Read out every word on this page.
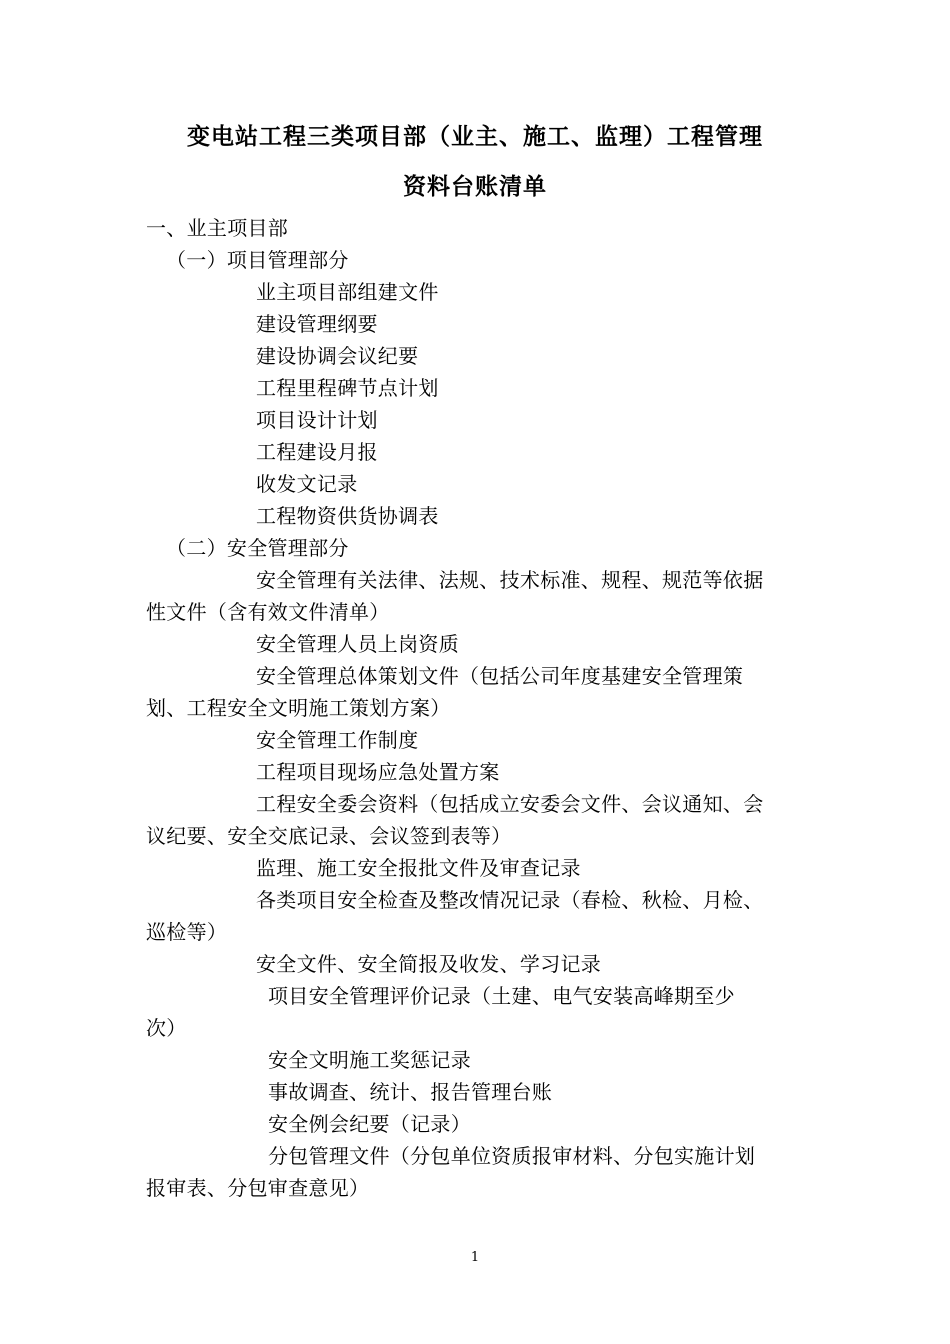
变电站工程三类项目部（业主、施工、监理）工程管理
资料台账清单
一、业主项目部
（一）项目管理部分
业主项目部组建文件
建设管理纲要
建设协调会议纪要
工程里程碑节点计划
项目设计计划
工程建设月报
收发文记录
工程物资供货协调表
（二）安全管理部分
安全管理有关法律、法规、技术标准、规程、规范等依据
性文件（含有效文件清单）
安全管理人员上岗资质
安全管理总体策划文件（包括公司年度基建安全管理策
划、工程安全文明施工策划方案）
安全管理工作制度
工程项目现场应急处置方案
工程安全委会资料（包括成立安委会文件、会议通知、会
议纪要、安全交底记录、会议签到表等）
监理、施工安全报批文件及审查记录
各类项目安全检查及整改情况记录（春检、秋检、月检、
巡检等）
安全文件、安全简报及收发、学习记录
项目安全管理评价记录（土建、电气安装高峰期至少
次）
安全文明施工奖惩记录
事故调查、统计、报告管理台账
安全例会纪要（记录）
分包管理文件（分包单位资质报审材料、分包实施计划
报审表、分包审查意见）
1
